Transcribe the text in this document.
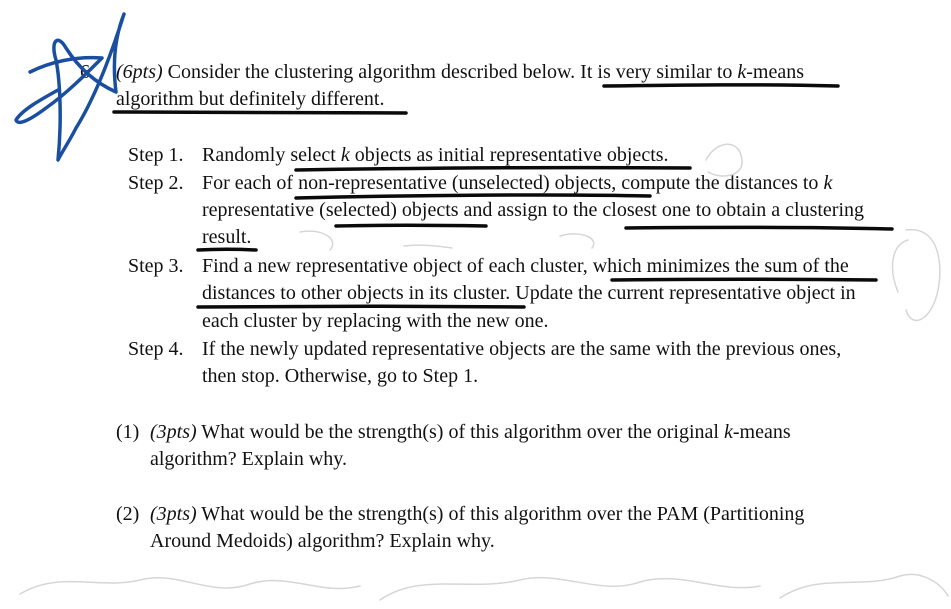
6. (6pts) Consider the clustering algorithm described below. It is very similar to k-means
algorithm but definitely different.
Step 1. Randomly select k objects as initial representative objects.
Step 2. For each of non-representative (unselected) objects, compute the distances to k
representative (selected) objects and assign to the closest one to obtain a clustering
result.
Step 3. Find a new representative object of each cluster, which minimizes the sum of the
distances to other objects in its cluster. Update the current representative object in
each cluster by replacing with the new one.
Step 4. If the newly updated representative objects are the same with the previous ones,
then stop. Otherwise, go to Step 1.
(1) (3pts) What would be the strength(s) of this algorithm over the original k-means
algorithm? Explain why.
(2) (3pts) What would be the strength(s) of this algorithm over the PAM (Partitioning
Around Medoids) algorithm? Explain why.
